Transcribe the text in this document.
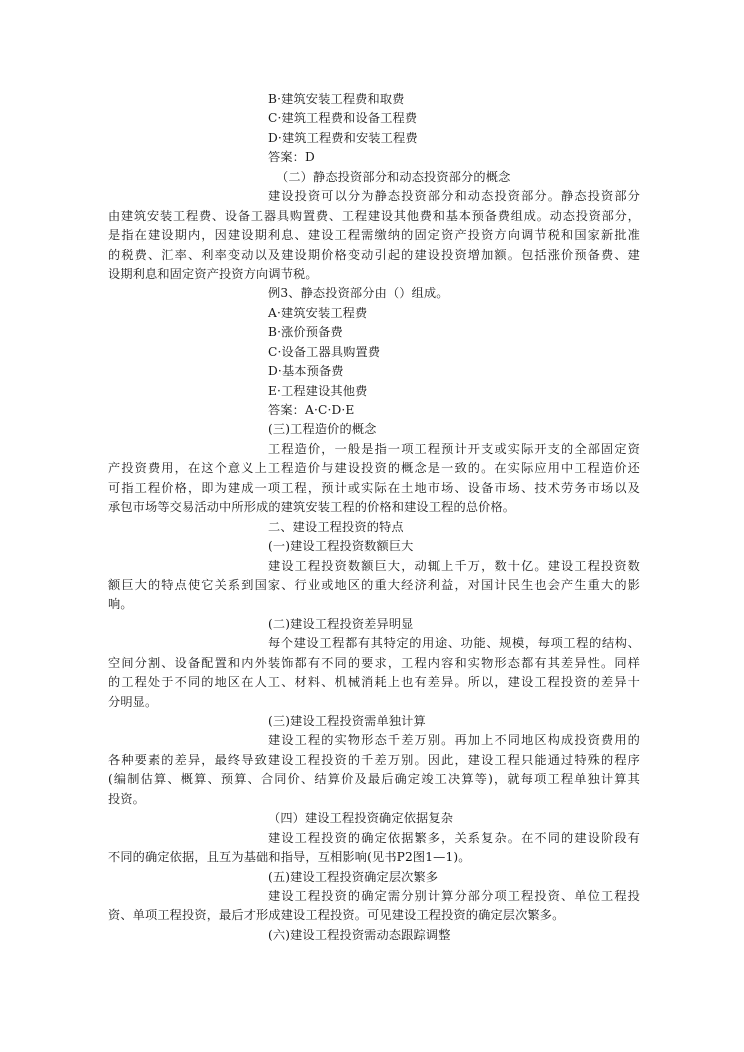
B·建筑安装工程费和取费
C·建筑工程费和设备工程费
D·建筑工程费和安装工程费
答案：D
（二）静态投资部分和动态投资部分的概念
建设投资可以分为静态投资部分和动态投资部分。静态投资部分
由建筑安装工程费、设备工器具购置费、工程建设其他费和基本预备费组成。动态投资部分，
是指在建设期内，因建设期利息、建设工程需缴纳的固定资产投资方向调节税和国家新批准
的税费、汇率、利率变动以及建设期价格变动引起的建设投资增加额。包括涨价预备费、建
设期利息和固定资产投资方向调节税。
例3、静态投资部分由（）组成。
A·建筑安装工程费
B·涨价预备费
C·设备工器具购置费
D·基本预备费
E·工程建设其他费
答案：A·C·D·E
(三)工程造价的概念
工程造价，一般是指一项工程预计开支或实际开支的全部固定资
产投资费用，在这个意义上工程造价与建设投资的概念是一致的。在实际应用中工程造价还
可指工程价格，即为建成一项工程，预计或实际在土地市场、设备市场、技术劳务市场以及
承包市场等交易活动中所形成的建筑安装工程的价格和建设工程的总价格。
二、建设工程投资的特点
(一)建设工程投资数额巨大
建设工程投资数额巨大，动辄上千万，数十亿。建设工程投资数
额巨大的特点使它关系到国家、行业或地区的重大经济利益，对国计民生也会产生重大的影
响。
(二)建设工程投资差异明显
每个建设工程都有其特定的用途、功能、规模，每项工程的结构、
空间分割、设备配置和内外装饰都有不同的要求，工程内容和实物形态都有其差异性。同样
的工程处于不同的地区在人工、材料、机械消耗上也有差异。所以，建设工程投资的差异十
分明显。
(三)建设工程投资需单独计算
建设工程的实物形态千差万别。再加上不同地区构成投资费用的
各种要素的差异，最终导致建设工程投资的千差万别。因此，建设工程只能通过特殊的程序
(编制估算、概算、预算、合同价、结算价及最后确定竣工决算等)，就每项工程单独计算其
投资。
（四）建设工程投资确定依据复杂
建设工程投资的确定依据繁多，关系复杂。在不同的建设阶段有
不同的确定依据，且互为基础和指导，互相影响(见书P2图1—1)。
(五)建设工程投资确定层次繁多
建设工程投资的确定需分别计算分部分项工程投资、单位工程投
资、单项工程投资，最后才形成建设工程投资。可见建设工程投资的确定层次繁多。
(六)建设工程投资需动态跟踪调整
